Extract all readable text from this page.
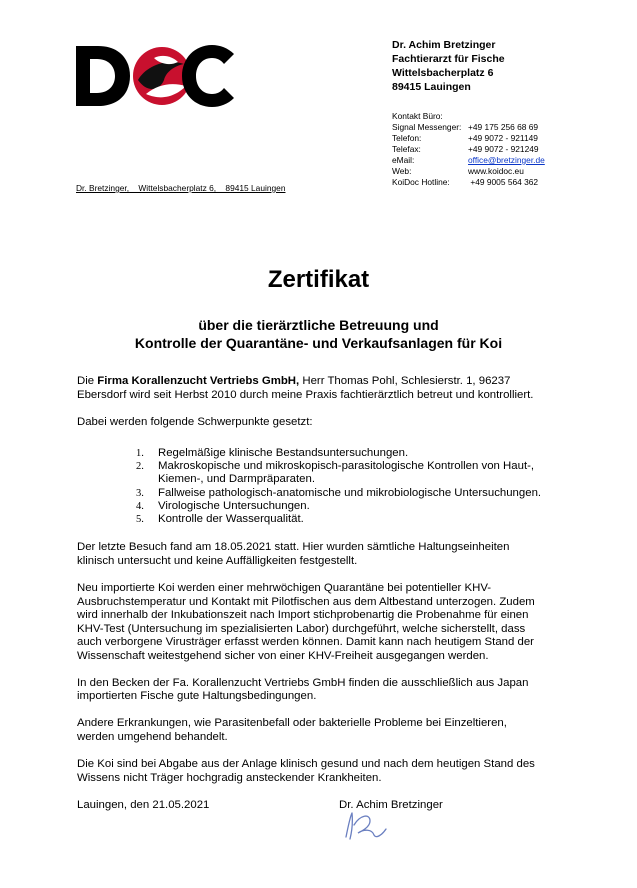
Dr. Achim Bretzinger
Fachtierarzt für Fische
Wittelsbacherplatz 6
89415 Lauingen
Kontakt Büro:
Signal Messenger: +49 175 256 68 69
Telefon:	+49 9072 - 921149
Telefax:	+49 9072 - 921249
eMail:	office@bretzinger.de
Web:	www.koidoc.eu
KoiDoc Hotline: +49 9005 564 362
Dr. Bretzinger,    Wittelsbacherplatz 6,    89415 Lauingen
Zertifikat
über die tierärztliche Betreuung und
Kontrolle der Quarantäne- und Verkaufsanlagen für Koi
Die Firma Korallenzucht Vertriebs GmbH, Herr Thomas Pohl, Schlesierstr. 1, 96237
Ebersdorf wird seit Herbst 2010 durch meine Praxis fachtierärztlich betreut und kontrolliert.
Dabei werden folgende Schwerpunkte gesetzt:
1. Regelmäßige klinische Bestandsuntersuchungen.
2. Makroskopische und mikroskopisch-parasitologische Kontrollen von Haut-,
Kiemen-, und Darmpräparaten.
3. Fallweise pathologisch-anatomische und mikrobiologische Untersuchungen.
4. Virologische Untersuchungen.
5. Kontrolle der Wasserqualität.
Der letzte Besuch fand am 18.05.2021 statt. Hier wurden sämtliche Haltungseinheiten
klinisch untersucht und keine Auffälligkeiten festgestellt.
Neu importierte Koi werden einer mehrwöchigen Quarantäne bei potentieller KHV-
Ausbruchstemperatur und Kontakt mit Pilotfischen aus dem Altbestand unterzogen. Zudem
wird innerhalb der Inkubationszeit nach Import stichprobenartig die Probenahme für einen
KHV-Test (Untersuchung im spezialisierten Labor) durchgeführt, welche sicherstellt, dass
auch verborgene Virusträger erfasst werden können. Damit kann nach heutigem Stand der
Wissenschaft weitestgehend sicher von einer KHV-Freiheit ausgegangen werden.
In den Becken der Fa. Korallenzucht Vertriebs GmbH finden die ausschließlich aus Japan
importierten Fische gute Haltungsbedingungen.
Andere Erkrankungen, wie Parasitenbefall oder bakterielle Probleme bei Einzeltieren,
werden umgehend behandelt.
Die Koi sind bei Abgabe aus der Anlage klinisch gesund und nach dem heutigen Stand des
Wissens nicht Träger hochgradig ansteckender Krankheiten.
Lauingen, den 21.05.2021	Dr. Achim Bretzinger
